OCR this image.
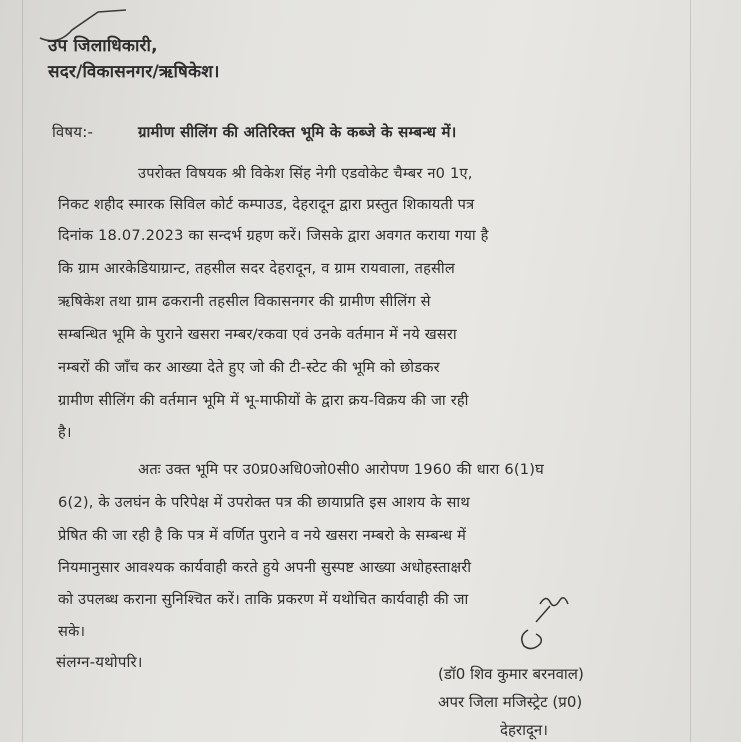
उप जिलाधिकारी,
सदर/विकासनगर/ऋषिकेश।
विषय:-	ग्रामीण सीलिंग की अतिरिक्त भूमि के कब्जे के सम्बन्ध में।
उपरोक्त विषयक श्री विकेश सिंह नेगी एडवोकेट चैम्बर न0 1ए,
निकट शहीद स्मारक सिविल कोर्ट कम्पाउड, देहरादून द्वारा प्रस्तुत शिकायती पत्र
दिनांक 18.07.2023 का सन्दर्भ ग्रहण करें। जिसके द्वारा अवगत कराया गया है
कि ग्राम आरकेडियाग्रान्ट, तहसील सदर देहरादून, व ग्राम रायवाला, तहसील
ऋषिकेश तथा ग्राम ढकरानी तहसील विकासनगर की ग्रामीण सीलिंग से
सम्बन्धित भूमि के पुराने खसरा नम्बर/रकवा एवं उनके वर्तमान में नये खसरा
नम्बरों की जाँच कर आख्या देते हुए जो की टी-स्टेट की भूमि को छोडकर
ग्रामीण सीलिंग की वर्तमान भूमि में भू-माफीयों के द्वारा क्रय-विक्रय की जा रही
है।
अतः उक्त भूमि पर उ0प्र0अधि0जो0सी0 आरोपण 1960 की धारा 6(1)घ
6(2), के उलघंन के परिपेक्ष में उपरोक्त पत्र की छायाप्रति इस आशय के साथ
प्रेषित की जा रही है कि पत्र में वर्णित पुराने व नये खसरा नम्बरो के सम्बन्ध में
नियमानुसार आवश्यक कार्यवाही करते हुये अपनी सुस्पष्ट आख्या अधोहस्ताक्षरी
को उपलब्ध कराना सुनिश्चित करें। ताकि प्रकरण में यथोचित कार्यवाही की जा
सके।
संलग्न-यथोपरि।
(डॉ0 शिव कुमार बरनवाल)
अपर जिला मजिस्ट्रेट (प्र0)
देहरादून।
